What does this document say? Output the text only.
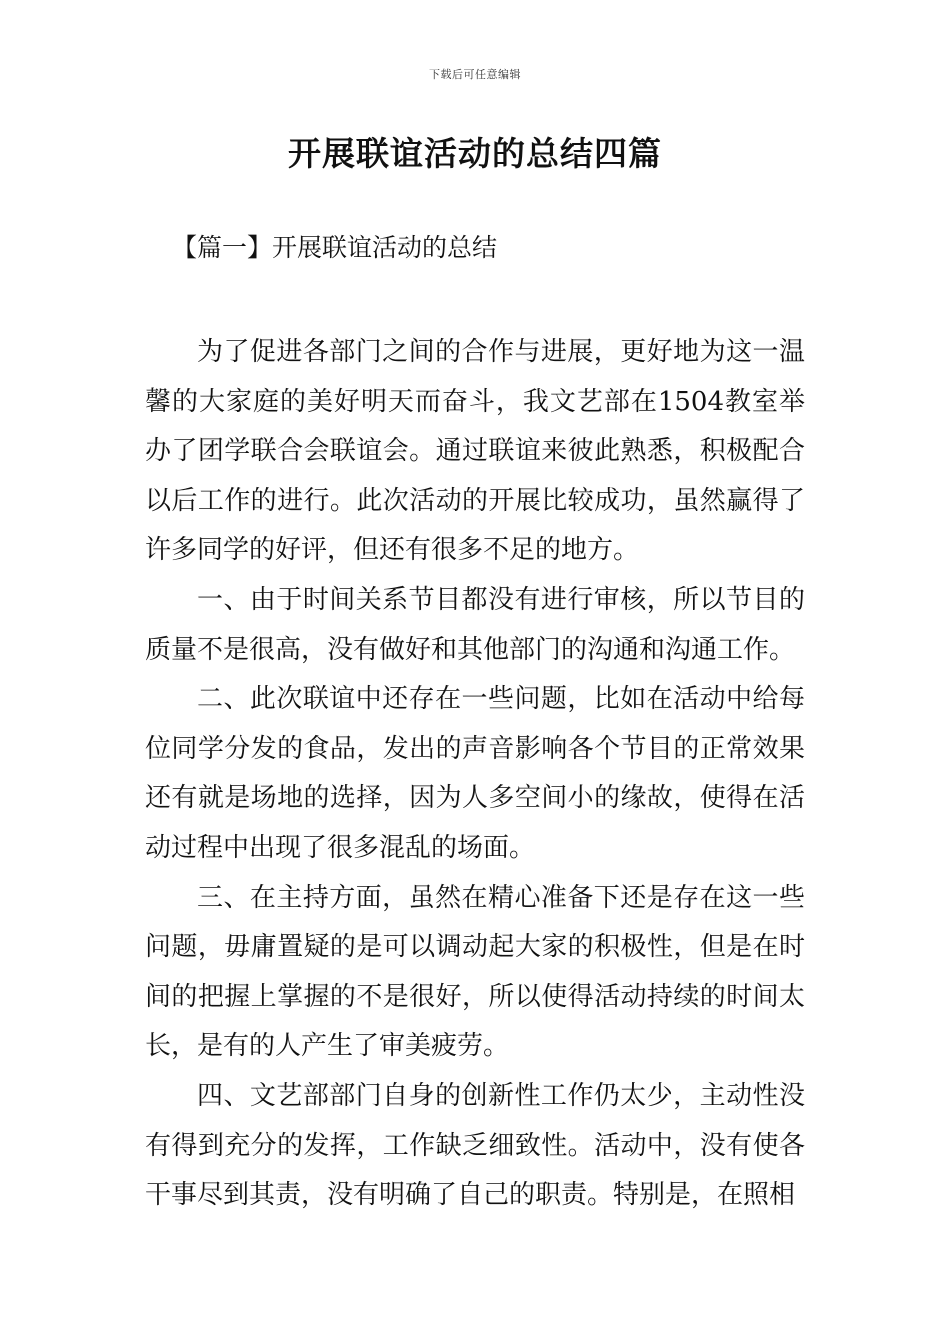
下载后可任意编辑
开展联谊活动的总结四篇
【篇一】开展联谊活动的总结

为了促进各部门之间的合作与进展，更好地为这一温馨的大家庭的美好明天而奋斗，我文艺部在1504教室举办了团学联合会联谊会。通过联谊来彼此熟悉，积极配合以后工作的进行。此次活动的开展比较成功，虽然赢得了许多同学的好评，但还有很多不足的地方。

一、由于时间关系节目都没有进行审核，所以节目的质量不是很高，没有做好和其他部门的沟通和沟通工作。

二、此次联谊中还存在一些问题，比如在活动中给每位同学分发的食品，发出的声音影响各个节目的正常效果还有就是场地的选择，因为人多空间小的缘故，使得在活动过程中出现了很多混乱的场面。

三、在主持方面，虽然在精心准备下还是存在这一些问题，毋庸置疑的是可以调动起大家的积极性，但是在时间的把握上掌握的不是很好，所以使得活动持续的时间太长，是有的人产生了审美疲劳。

四、文艺部部门自身的创新性工作仍太少，主动性没有得到充分的发挥，工作缺乏细致性。活动中，没有使各干事尽到其责，没有明确了自己的职责。特别是，在照相
